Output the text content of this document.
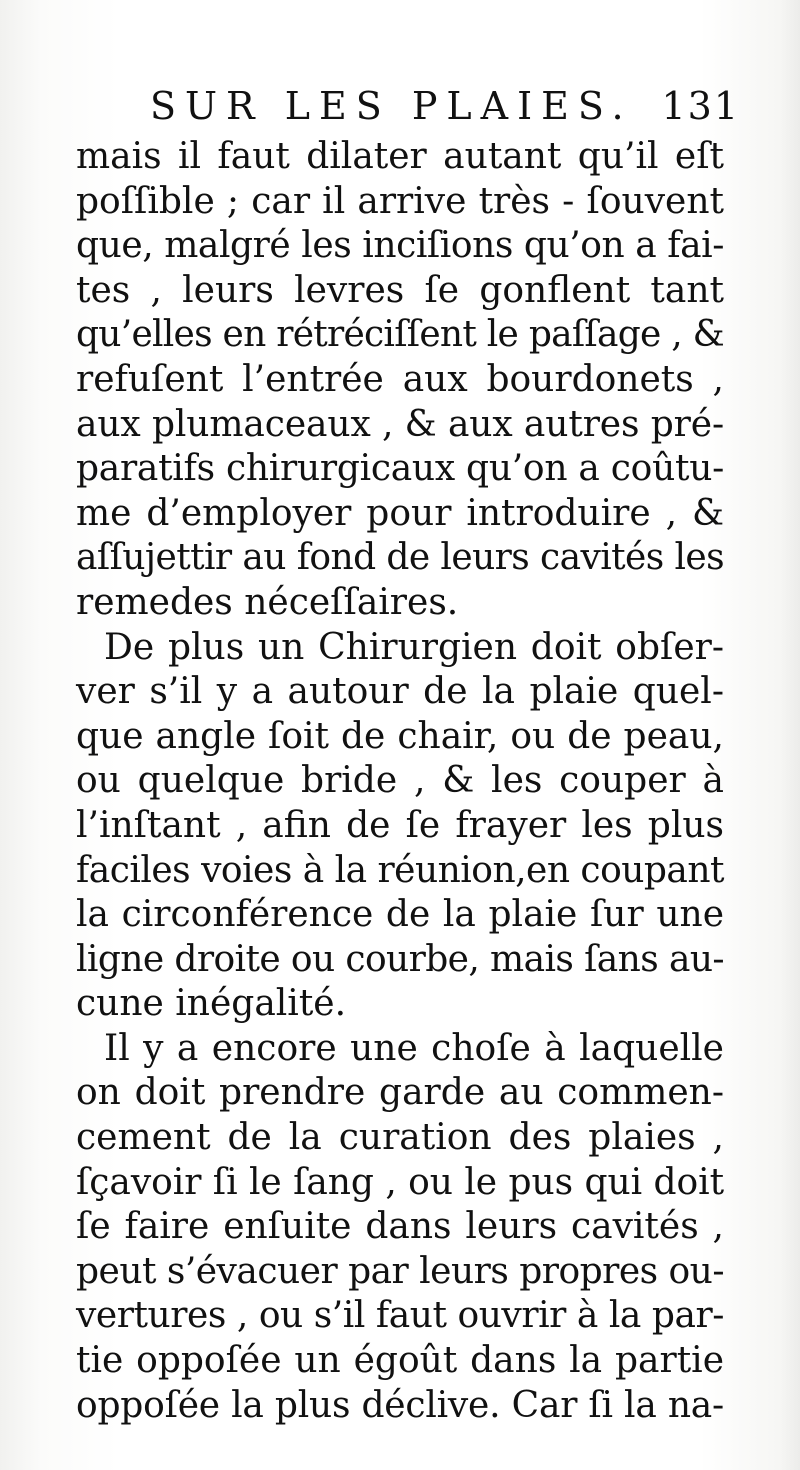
SUR LES PLAIES. 131
mais il faut dilater autant qu’il eſt
poſſible ; car il arrive très - ſouvent
que, malgré les inciſions qu’on a fai-
tes , leurs levres ſe gonflent tant
qu’elles en rétréciſſent le paſſage , &
refuſent l’entrée aux bourdonets ,
aux plumaceaux , & aux autres pré-
paratifs chirurgicaux qu’on a coûtu-
me d’employer pour introduire , &
aſſujettir au fond de leurs cavités les
remedes néceſſaires.
De plus un Chirurgien doit obſer-
ver s’il y a autour de la plaie quel-
que angle ſoit de chair, ou de peau,
ou quelque bride , & les couper à
l’inſtant , afin de ſe frayer les plus
faciles voies à la réunion,en coupant
la circonférence de la plaie ſur une
ligne droite ou courbe, mais ſans au-
cune inégalité.
Il y a encore une choſe à laquelle
on doit prendre garde au commen-
cement de la curation des plaies ,
ſçavoir ſi le ſang , ou le pus qui doit
ſe faire enſuite dans leurs cavités ,
peut s’évacuer par leurs propres ou-
vertures , ou s’il faut ouvrir à la par-
tie oppoſée un égoût dans la partie
oppoſée la plus déclive. Car ſi la na-
